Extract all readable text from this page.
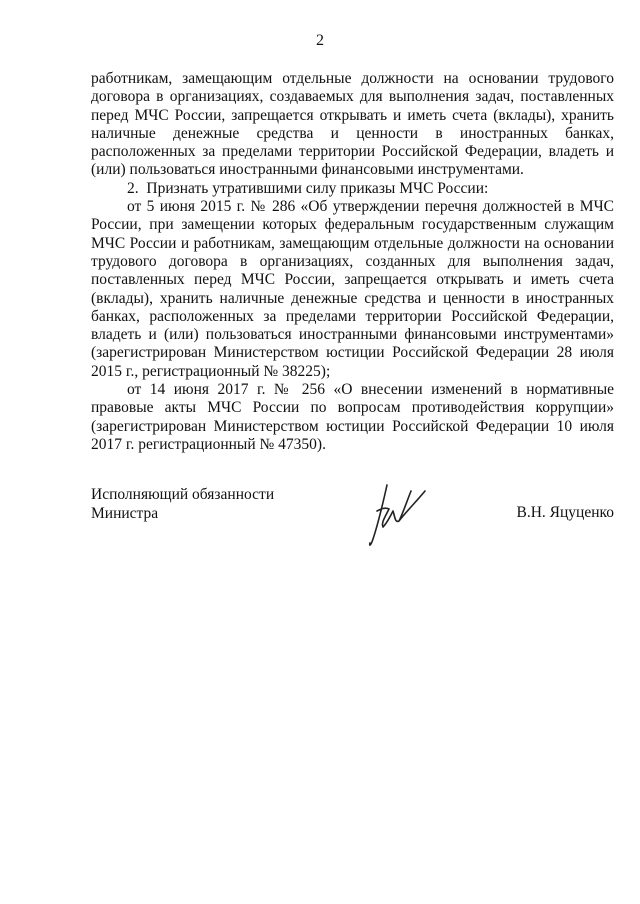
2

работникам, замещающим отдельные должности на основании трудового договора в организациях, создаваемых для выполнения задач, поставленных перед МЧС России, запрещается открывать и иметь счета (вклады), хранить наличные денежные средства и ценности в иностранных банках, расположенных за пределами территории Российской Федерации, владеть и (или) пользоваться иностранными финансовыми инструментами.

2.  Признать утратившими силу приказы МЧС России:

от 5 июня 2015 г. № 286 «Об утверждении перечня должностей в МЧС России, при замещении которых федеральным государственным служащим МЧС России и работникам, замещающим отдельные должности на основании трудового договора в организациях, созданных для выполнения задач, поставленных перед МЧС России, запрещается открывать и иметь счета (вклады), хранить наличные денежные средства и ценности в иностранных банках, расположенных за пределами территории Российской Федерации, владеть и (или) пользоваться иностранными финансовыми инструментами» (зарегистрирован Министерством юстиции Российской Федерации 28 июля 2015 г., регистрационный № 38225);

от 14 июня 2017 г. № 256 «О внесении изменений в нормативные правовые акты МЧС России по вопросам противодействия коррупции» (зарегистрирован Министерством юстиции Российской Федерации 10 июля 2017 г. регистрационный № 47350).

Исполняющий обязанности
Министра	В.Н. Яцуценко
